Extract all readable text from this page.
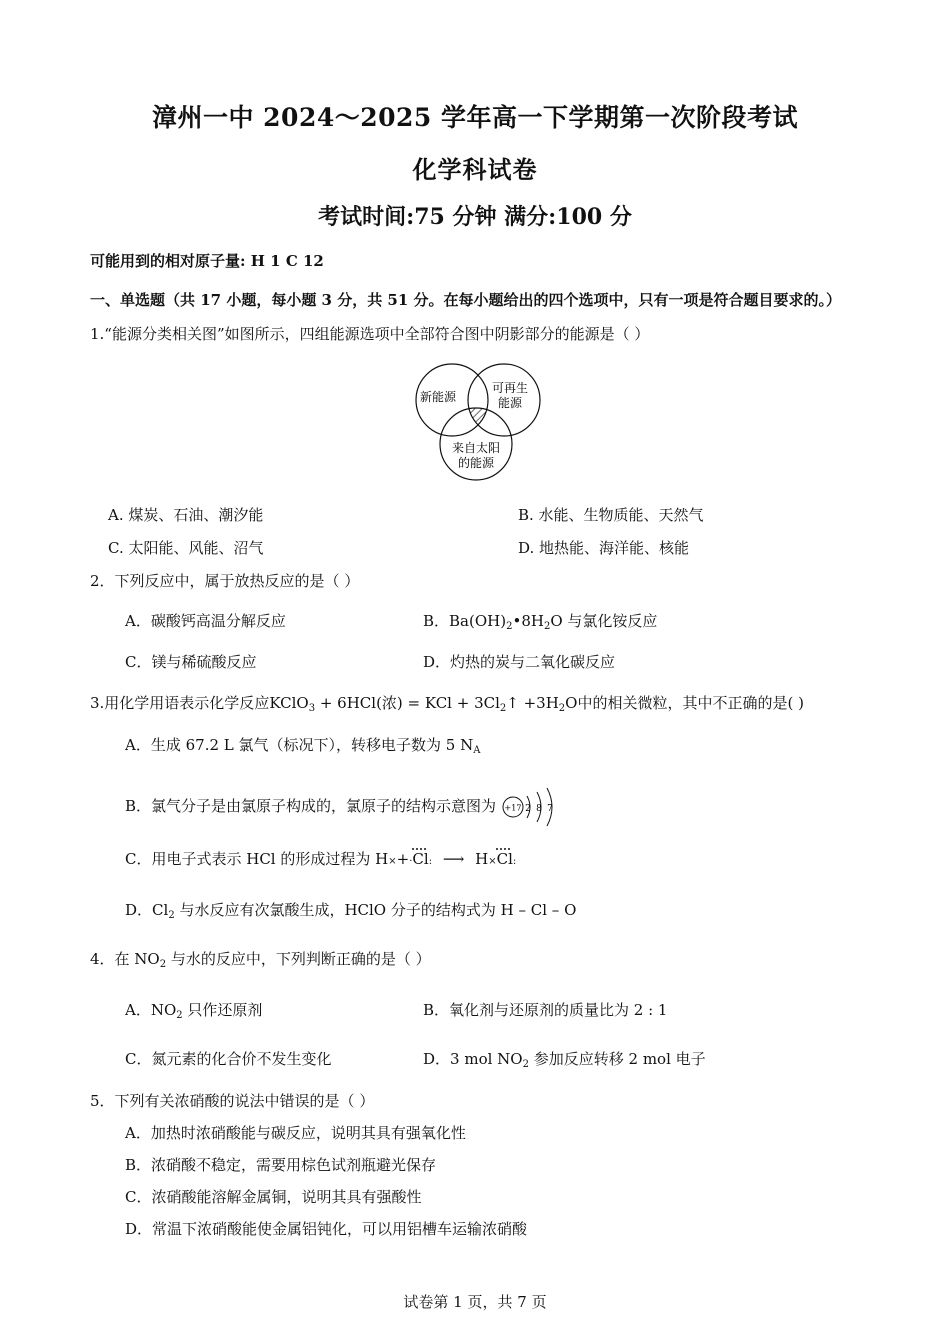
漳州一中 2024～2025 学年高一下学期第一次阶段考试
化学科试卷
考试时间:75 分钟 满分:100 分
可能用到的相对原子量: H 1 C 12
一、单选题（共 17 小题，每小题 3 分，共 51 分。在每小题给出的四个选项中，只有一项是符合题目要求的。）
1.“能源分类相关图”如图所示，四组能源选项中全部符合图中阴影部分的能源是（ ）
新能源
可再生
能源
来自太阳
的能源
A. 煤炭、石油、潮汐能	B. 水能、生物质能、天然气
C. 太阳能、风能、沼气	D. 地热能、海洋能、核能
2．下列反应中，属于放热反应的是（ ）
A．碳酸钙高温分解反应	B．$Ba(OH)_2•8H_2O$ 与氯化铵反应
C．镁与稀硫酸反应	D．灼热的炭与二氧化碳反应
3.用化学用语表示化学反应KClO$_3$ + 6HCl(浓) = KCl + $3Cl_2↑ +3H_2O$中的相关微粒，其中不正确的是( )
A．生成 67.2 L 氯气（标况下），转移电子数为 5 $N_A$
B．氯气分子是由氯原子构成的，氯原子的结构示意图为 +17 2 8 7
C．用电子式表示 HCl 的形成过程为 H×+·Cl: ⟶ H×Cl:
D．$Cl_2$ 与水反应有次氯酸生成，HClO 分子的结构式为 H – Cl – O
4．在 $NO_2$ 与水的反应中，下列判断正确的是（ ）
A．$NO_2$ 只作还原剂	B．氧化剂与还原剂的质量比为 2 : 1
C．氮元素的化合价不发生变化	D．3 mol $NO_2$ 参加反应转移 2 mol 电子
5．下列有关浓硝酸的说法中错误的是（ ）
A．加热时浓硝酸能与碳反应，说明其具有强氧化性
B．浓硝酸不稳定，需要用棕色试剂瓶避光保存
C．浓硝酸能溶解金属铜，说明其具有强酸性
D．常温下浓硝酸能使金属铝钝化，可以用铝槽车运输浓硝酸
试卷第 1 页，共 7 页
